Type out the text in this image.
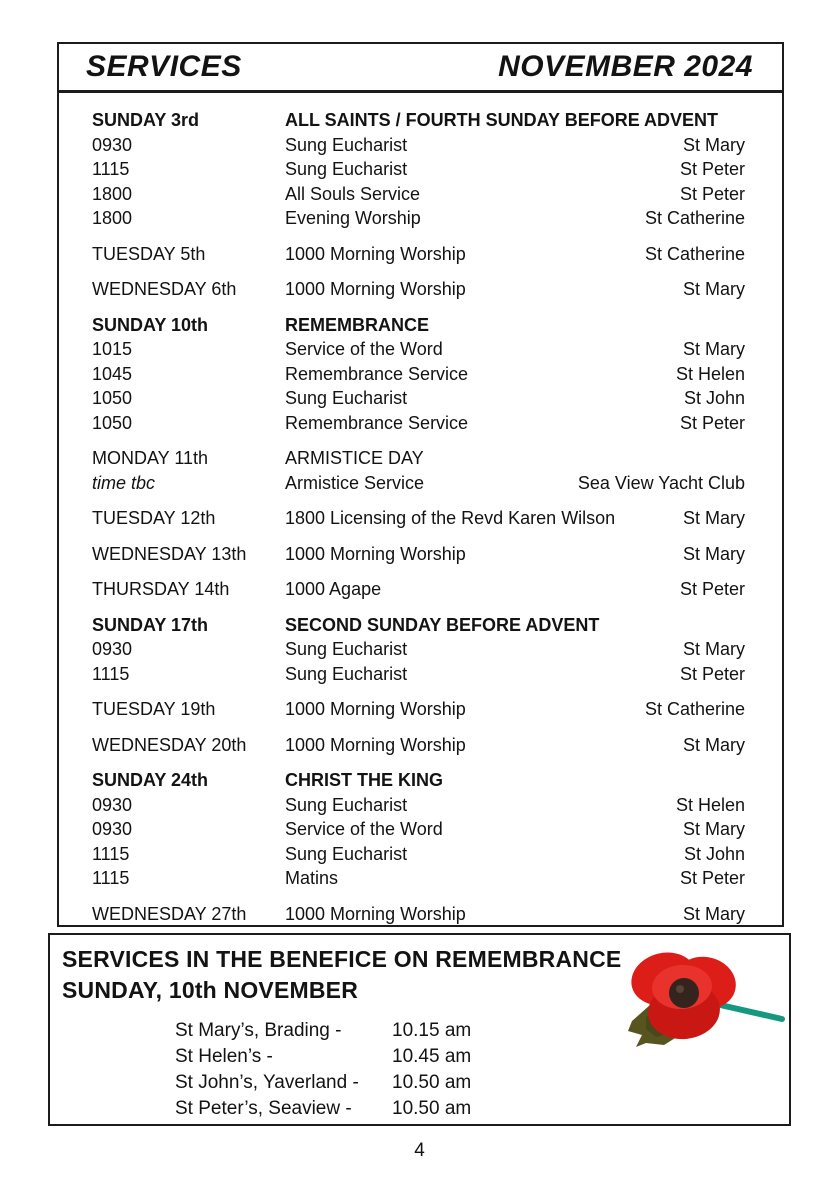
SERVICES	NOVEMBER 2024
SUNDAY 3rd	ALL SAINTS / FOURTH SUNDAY BEFORE ADVENT
0930	Sung Eucharist	St Mary
1115	Sung Eucharist	St Peter
1800	All Souls Service	St Peter
1800	Evening Worship	St Catherine
TUESDAY 5th	1000 Morning Worship	St Catherine
WEDNESDAY 6th	1000 Morning Worship	St Mary
SUNDAY 10th	REMEMBRANCE
1015	Service of the Word	St Mary
1045	Remembrance Service	St Helen
1050	Sung Eucharist	St John
1050	Remembrance Service	St Peter
MONDAY 11th	ARMISTICE DAY
time tbc	Armistice Service	Sea View Yacht Club
TUESDAY 12th	1800 Licensing of the Revd Karen Wilson	St Mary
WEDNESDAY 13th	1000 Morning Worship	St Mary
THURSDAY 14th	1000 Agape	St Peter
SUNDAY 17th	SECOND SUNDAY BEFORE ADVENT
0930	Sung Eucharist	St Mary
1115	Sung Eucharist	St Peter
TUESDAY 19th	1000 Morning Worship	St Catherine
WEDNESDAY 20th	1000 Morning Worship	St Mary
SUNDAY 24th	CHRIST THE KING
0930	Sung Eucharist	St Helen
0930	Service of the Word	St Mary
1115	Sung Eucharist	St John
1115	Matins	St Peter
WEDNESDAY 27th	1000 Morning Worship	St Mary
SERVICES IN THE BENEFICE ON REMEMBRANCE
SUNDAY, 10th NOVEMBER
St Mary’s, Brading -	10.15 am
St Helen’s -	10.45 am
St John’s, Yaverland -	10.50 am
St Peter’s, Seaview -	10.50 am
4
